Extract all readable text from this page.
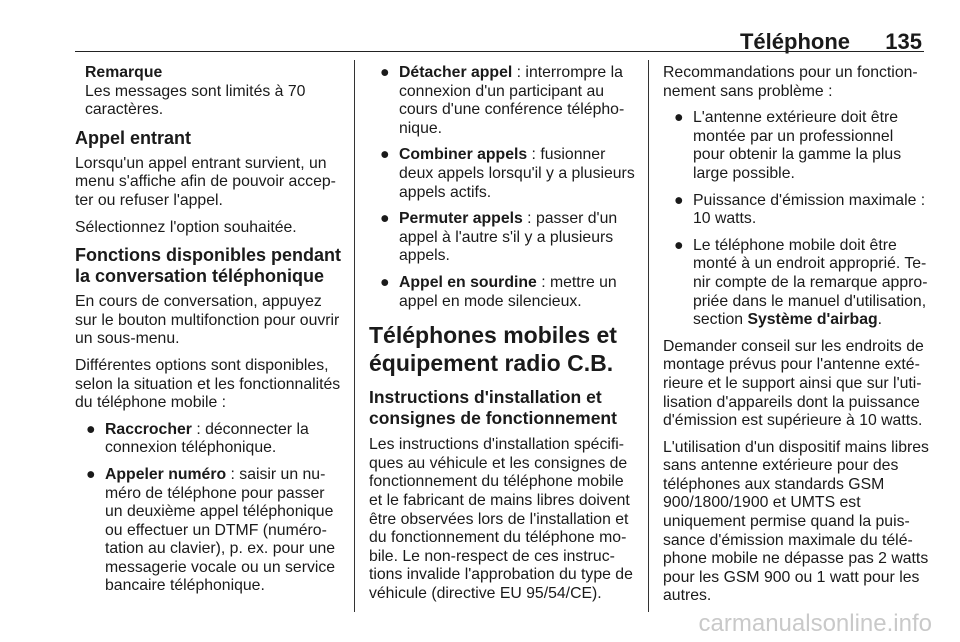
Téléphone 135
Remarque
Les messages sont limités à 70 caractères.
Appel entrant

Lorsqu'un appel entrant survient, un menu s'affiche afin de pouvoir accepter ou refuser l'appel.

Sélectionnez l'option souhaitée.

Fonctions disponibles pendant la conversation téléphonique

En cours de conversation, appuyez sur le bouton multifonction pour ouvrir un sous-menu.

Différentes options sont disponibles, selon la situation et les fonctionnalités du téléphone mobile :

● Raccrocher : déconnecter la connexion téléphonique.
● Appeler numéro : saisir un numéro de téléphone pour passer un deuxième appel téléphonique ou effectuer un DTMF (numérotation au clavier), p. ex. pour une messagerie vocale ou un service bancaire téléphonique.
● Détacher appel : interrompre la connexion d'un participant au cours d'une conférence téléphonique.
● Combiner appels : fusionner deux appels lorsqu'il y a plusieurs appels actifs.
● Permuter appels : passer d'un appel à l'autre s'il y a plusieurs appels.
● Appel en sourdine : mettre un appel en mode silencieux.
Téléphones mobiles et équipement radio C.B.
Instructions d'installation et consignes de fonctionnement

Les instructions d'installation spécifiques au véhicule et les consignes de fonctionnement du téléphone mobile et le fabricant de mains libres doivent être observées lors de l'installation et du fonctionnement du téléphone mobile. Le non-respect de ces instructions invalide l'approbation du type de véhicule (directive EU 95/54/CE).

Recommandations pour un fonctionnement sans problème :

● L'antenne extérieure doit être montée par un professionnel pour obtenir la gamme la plus large possible.
● Puissance d'émission maximale : 10 watts.
● Le téléphone mobile doit être monté à un endroit approprié. Tenir compte de la remarque appropriée dans le manuel d'utilisation, section Système d'airbag.

Demander conseil sur les endroits de montage prévus pour l'antenne extérieure et le support ainsi que sur l'utilisation d'appareils dont la puissance d'émission est supérieure à 10 watts.

L'utilisation d'un dispositif mains libres sans antenne extérieure pour des téléphones aux standards GSM 900/1800/1900 et UMTS est uniquement permise quand la puissance d'émission maximale du téléphone mobile ne dépasse pas 2 watts pour les GSM 900 ou 1 watt pour les autres.

carmanualsonline.info
